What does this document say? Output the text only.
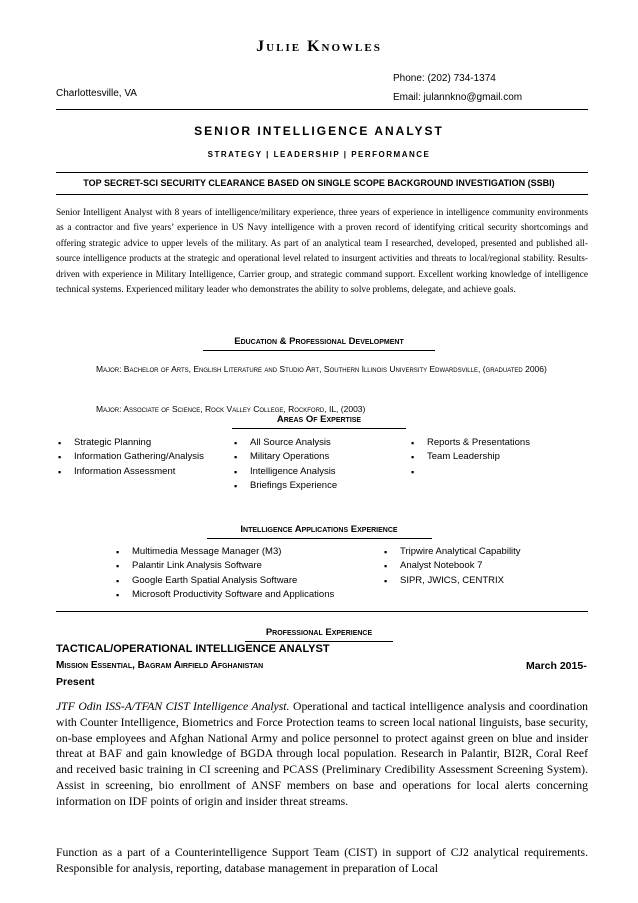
Julie Knowles
Phone: (202) 734-1374
Email: julannkno@gmail.com
Charlottesville, VA
SENIOR INTELLIGENCE ANALYST
STRATEGY | LEADERSHIP | PERFORMANCE
TOP SECRET-SCI SECURITY CLEARANCE BASED ON SINGLE SCOPE BACKGROUND INVESTIGATION (SSBI)
Senior Intelligent Analyst with 8 years of intelligence/military experience, three years of experience in intelligence community environments as a contractor and five years’ experience in US Navy intelligence with a proven record of identifying critical security shortcomings and offering strategic advice to upper levels of the military. As part of an analytical team I researched, developed, presented and published all-source intelligence products at the strategic and operational level related to insurgent activities and threats to local/regional stability. Results-driven with experience in Military Intelligence, Carrier group, and strategic command support. Excellent working knowledge of intelligence technical systems. Experienced military leader who demonstrates the ability to solve problems, delegate, and achieve goals.
Education & Professional Development
Major: Bachelor of Arts, English Literature and Studio Art, Southern Illinois University Edwardsville, (graduated 2006)
Major: Associate of Science, Rock Valley College, Rockford, IL, (2003)
Areas Of Expertise
▪ Strategic Planning
▪ Information Gathering/Analysis
▪ Information Assessment
▪ All Source Analysis
▪ Military Operations
▪ Intelligence Analysis
▪ Briefings Experience
▪ Reports & Presentations
▪ Team Leadership
Intelligence Applications Experience
▪ Multimedia Message Manager (M3)
▪ Palantir Link Analysis Software
▪ Google Earth Spatial Analysis Software
▪ Microsoft Productivity Software and Applications
▪ Tripwire Analytical Capability
▪ Analyst Notebook 7
▪ SIPR, JWICS, CENTRIX
Professional Experience
TACTICAL/OPERATIONAL INTELLIGENCE ANALYST
Mission Essential, Bagram Airfield Afghanistan	March 2015-
Present
JTF Odin ISS-A/TFAN CIST Intelligence Analyst. Operational and tactical intelligence analysis and coordination with Counter Intelligence, Biometrics and Force Protection teams to screen local national linguists, base security, on-base employees and Afghan National Army and police personnel to protect against green on blue and insider threat at BAF and gain knowledge of BGDA through local population. Research in Palantir, BI2R, Coral Reef and received basic training in CI screening and PCASS (Preliminary Credibility Assessment Screening System). Assist in screening, bio enrollment of ANSF members on base and operations for local alerts concerning information on IDF points of origin and insider threat streams.
Function as a part of a Counterintelligence Support Team (CIST) in support of CJ2 analytical requirements. Responsible for analysis, reporting, database management in preparation of Local
